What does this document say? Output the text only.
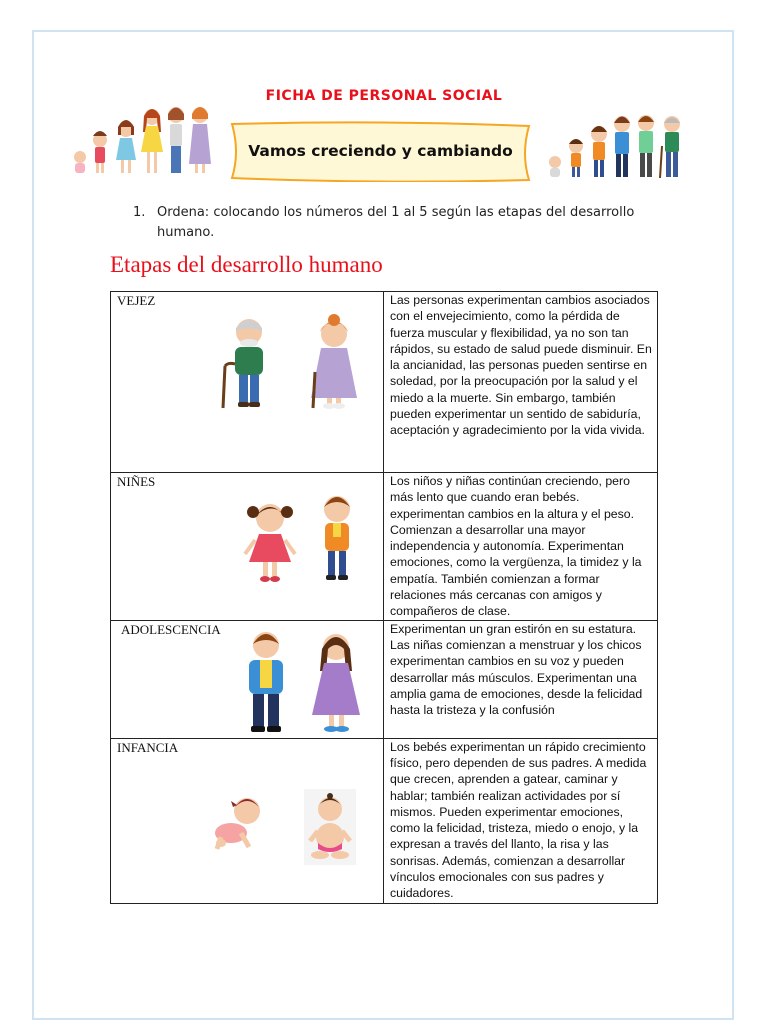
FICHA DE PERSONAL SOCIAL
Vamos creciendo y cambiando
1. Ordena: colocando los números del 1 al 5 según las etapas del desarrollo humano.
Etapas del desarrollo humano
VEJEZ	Las personas experimentan cambios asociados con el envejecimiento, como la pérdida de fuerza muscular y flexibilidad, ya no son tan rápidos, su estado de salud puede disminuir. En la ancianidad, las personas pueden sentirse en soledad, por la preocupación por la salud y el miedo a la muerte. Sin embargo, también pueden experimentar un sentido de sabiduría, aceptación y agradecimiento por la vida vivida.

NIÑES	Los niños y niñas continúan creciendo, pero más lento que cuando eran bebés. experimentan cambios en la altura y el peso. Comienzan a desarrollar una mayor independencia y autonomía. Experimentan emociones, como la vergüenza, la timidez y la empatía. También comienzan a formar relaciones más cercanas con amigos y compañeros de clase.

ADOLESCENCIA	Experimentan un gran estirón en su estatura. Las niñas comienzan a menstruar y los chicos experimentan cambios en su voz y pueden desarrollar más músculos. Experimentan una amplia gama de emociones, desde la felicidad hasta la tristeza y la confusión

INFANCIA	Los bebés experimentan un rápido crecimiento físico, pero dependen de sus padres. A medida que crecen, aprenden a gatear, caminar y hablar; también realizan actividades por sí mismos. Pueden experimentar emociones, como la felicidad, tristeza, miedo o enojo, y la expresan a través del llanto, la risa y las sonrisas. Además, comienzan a desarrollar vínculos emocionales con sus padres y cuidadores.
